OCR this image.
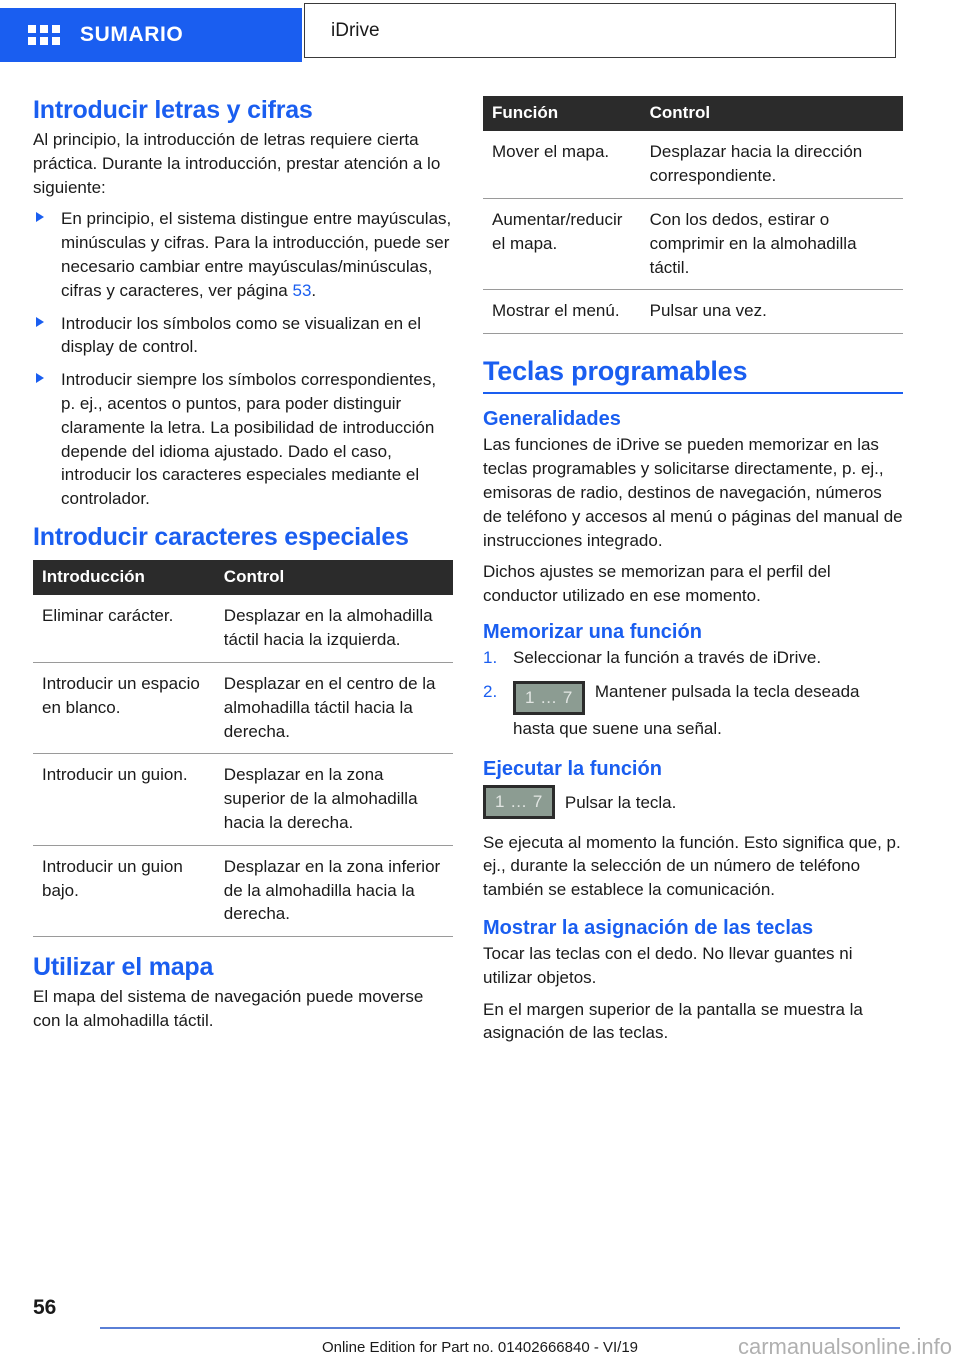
SUMARIO	iDrive
Introducir letras y cifras

Al principio, la introducción de letras requiere cierta práctica. Durante la introducción, prestar atención a lo siguiente:

En principio, el sistema distingue entre mayúsculas, minúsculas y cifras. Para la introducción, puede ser necesario cambiar entre mayúsculas/minúsculas, cifras y caracteres, ver página 53.
Introducir los símbolos como se visualizan en el display de control.
Introducir siempre los símbolos correspondientes, p. ej., acentos o puntos, para poder distinguir claramente la letra. La posibilidad de introducción depende del idioma ajustado. Dado el caso, introducir los caracteres especiales mediante el controlador.
Introducir caracteres especiales
Introducción	Control
Eliminar carácter.	Desplazar en la almohadilla táctil hacia la izquierda.
Introducir un espacio en blanco.	Desplazar en el centro de la almohadilla táctil hacia la derecha.
Introducir un guion.	Desplazar en la zona superior de la almohadilla hacia la derecha.
Introducir un guion bajo.	Desplazar en la zona inferior de la almohadilla hacia la derecha.
Utilizar el mapa

El mapa del sistema de navegación puede moverse con la almohadilla táctil.

Función	Control
Mover el mapa.	Desplazar hacia la dirección correspondiente.
Aumentar/reducir el mapa.	Con los dedos, estirar o comprimir en la almohadilla táctil.
Mostrar el menú.	Pulsar una vez.
Teclas programables
Generalidades

Las funciones de iDrive se pueden memorizar en las teclas programables y solicitarse directamente, p. ej., emisoras de radio, destinos de navegación, números de teléfono y accesos al menú o páginas del manual de instrucciones integrado.

Dichos ajustes se memorizan para el perfil del conductor utilizado en ese momento.

Memorizar una función
1. Seleccionar la función a través de iDrive.
2. 1 … 7 Mantener pulsada la tecla deseada hasta que suene una señal.
Ejecutar la función
1 … 7	Pulsar la tecla.

Se ejecuta al momento la función. Esto significa que, p. ej., durante la selección de un número de teléfono también se establece la comunicación.

Mostrar la asignación de las teclas

Tocar las teclas con el dedo. No llevar guantes ni utilizar objetos.

En el margen superior de la pantalla se muestra la asignación de las teclas.

56
Online Edition for Part no. 01402666840 - VI/19	carmanualsonline.info
